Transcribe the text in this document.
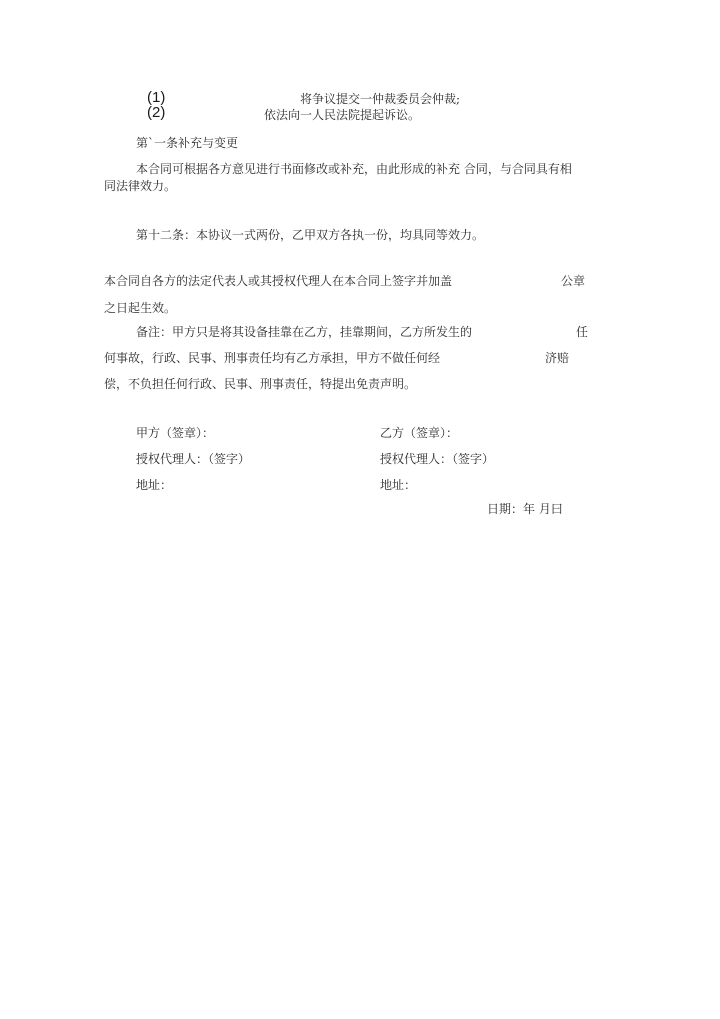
(1)	将争议提交一仲裁委员会仲裁;
(2)	依法向一人民法院提起诉讼。
第`一条补充与变更
本合同可根据各方意见进行书面修改或补充，由此形成的补充 合同，与合同具有相
同法律效力。
第十二条：本协议一式两份，乙甲双方各执一份，均具同等效力。
本合同自各方的法定代表人或其授权代理人在本合同上签字并加盖	公章
之日起生效。
备注：甲方只是将其设备挂靠在乙方，挂靠期间，乙方所发生的	任
何事故，行政、民事、刑事责任均有乙方承担，甲方不做任何经	济赔
偿，不负担任何行政、民事、刑事责任，特提出免责声明。
甲方（签章）：	乙方（签章）：
授权代理人：（签字）	授权代理人：（签字）
地址：	地址：
日期：年 月曰
